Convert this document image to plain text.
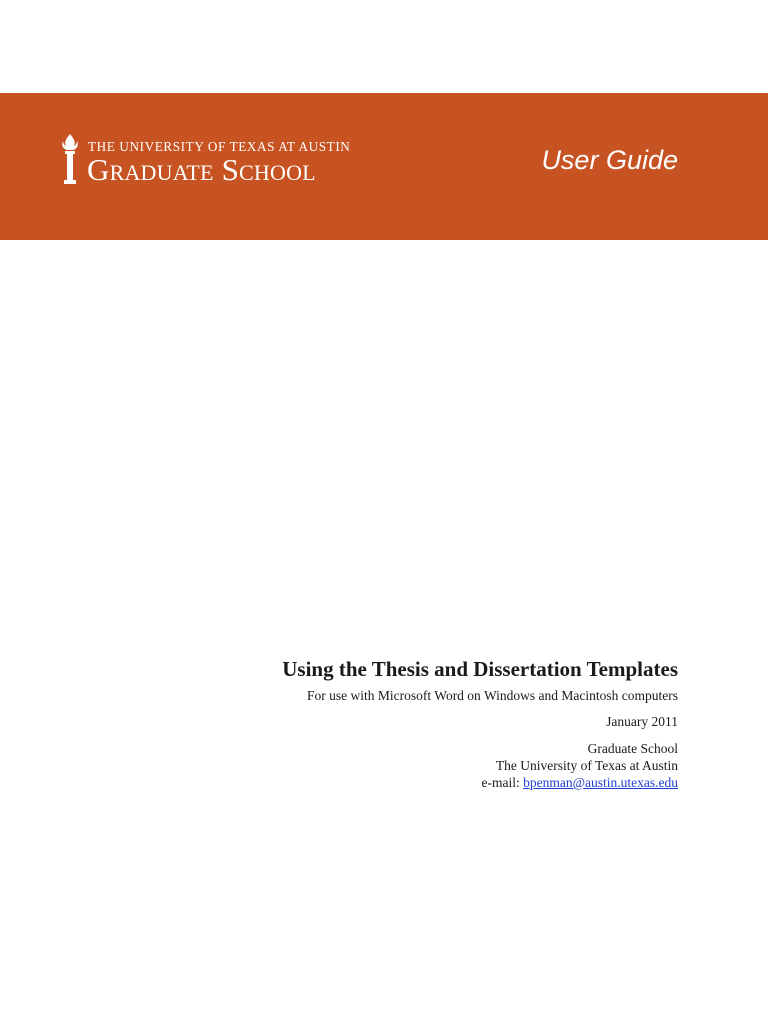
THE UNIVERSITY OF TEXAS AT AUSTIN
Graduate School	User Guide
Using the Thesis and Dissertation Templates
For use with Microsoft Word on Windows and Macintosh computers
January 2011
Graduate School
The University of Texas at Austin
e-mail: bpenman@austin.utexas.edu
